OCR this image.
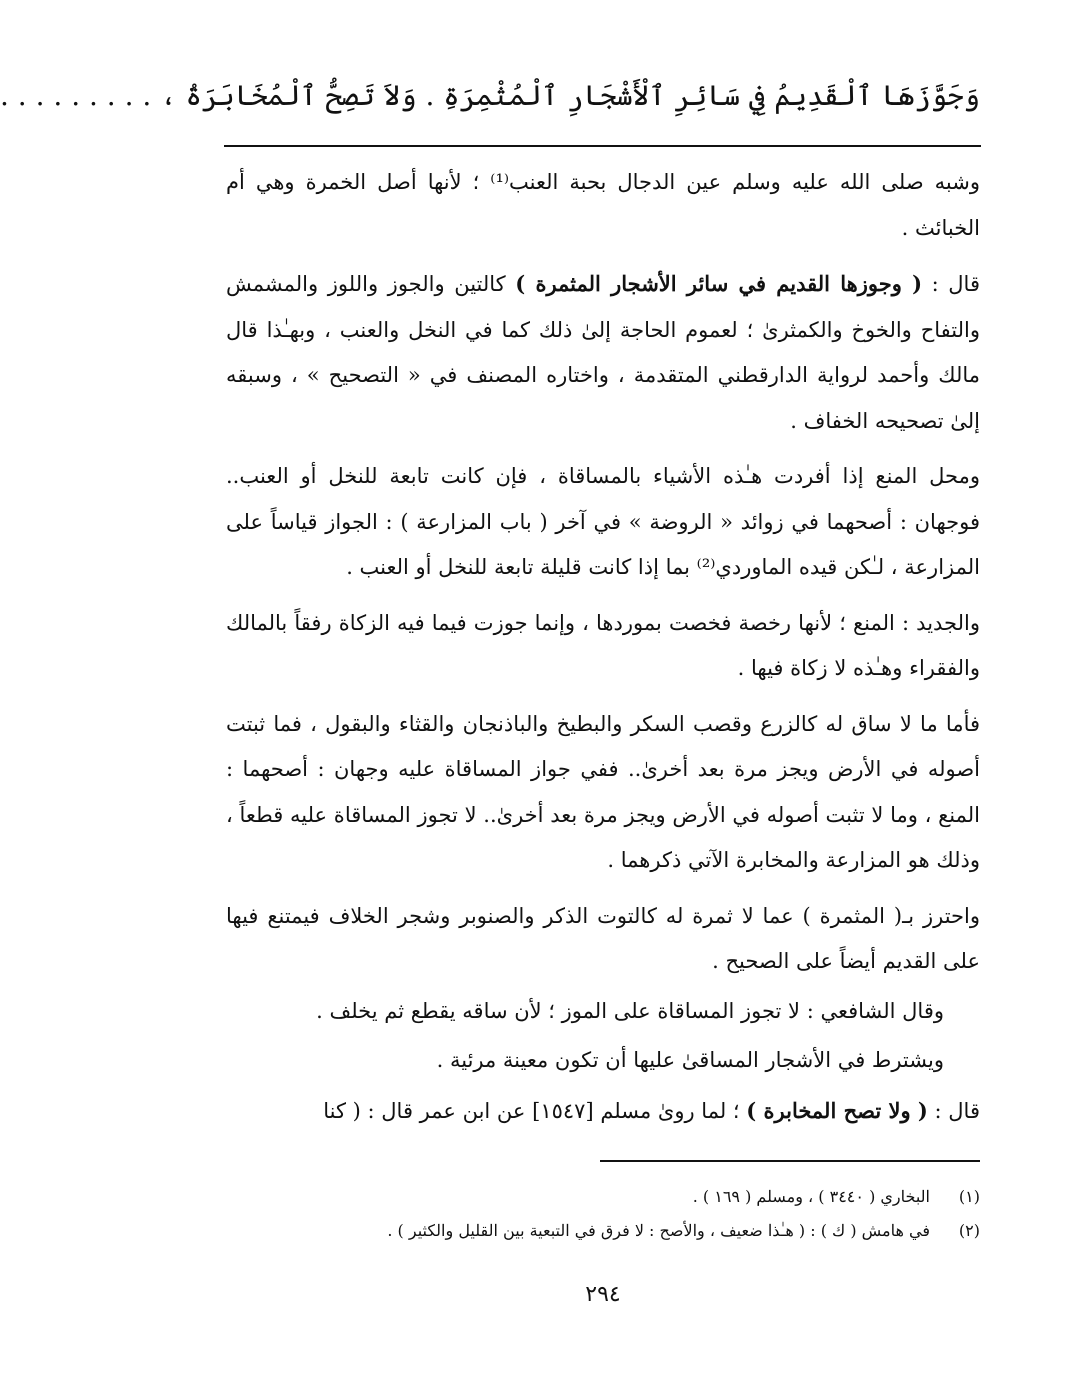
وَجَوَّزَهَا ٱلْقَدِيمُ فِي سَائِرِ ٱلْأَشْجَارِ ٱلْمُثْمِرَةِ . وَلاَ تَصِحُّ ٱلْمُخَابَرَةُ ، . . . . . . . . .

وشبه صلى الله عليه وسلم عين الدجال بحبة العنب⁽¹⁾ ؛ لأنها أصل الخمرة وهي أم الخبائث .

قال : ( وجوزها القديم في سائر الأشجار المثمرة ) كالتين والجوز واللوز والمشمش والتفاح والخوخ والكمثرىٰ ؛ لعموم الحاجة إلىٰ ذلك كما في النخل والعنب ، وبهـٰذا قال مالك وأحمد لرواية الدارقطني المتقدمة ، واختاره المصنف في « التصحيح » ، وسبقه إلىٰ تصحيحه الخفاف .

ومحل المنع إذا أفردت هـٰذه الأشياء بالمساقاة ، فإن كانت تابعة للنخل أو العنب.. فوجهان : أصحهما في زوائد « الروضة » في آخر ( باب المزارعة ) : الجواز قياساً على المزارعة ، لـٰكن قيده الماوردي⁽²⁾ بما إذا كانت قليلة تابعة للنخل أو العنب .

والجديد : المنع ؛ لأنها رخصة فخصت بموردها ، وإنما جوزت فيما فيه الزكاة رفقاً بالمالك والفقراء وهـٰذه لا زكاة فيها .

فأما ما لا ساق له كالزرع وقصب السكر والبطيخ والباذنجان والقثاء والبقول ، فما ثبتت أصوله في الأرض ويجز مرة بعد أخرىٰ.. ففي جواز المساقاة عليه وجهان : أصحهما : المنع ، وما لا تثبت أصوله في الأرض ويجز مرة بعد أخرىٰ.. لا تجوز المساقاة عليه قطعاً ، وذلك هو المزارعة والمخابرة الآتي ذكرهما .

واحترز بـ( المثمرة ) عما لا ثمرة له كالتوت الذكر والصنوبر وشجر الخلاف فيمتنع فيها على القديم أيضاً على الصحيح .

وقال الشافعي : لا تجوز المساقاة على الموز ؛ لأن ساقه يقطع ثم يخلف .

ويشترط في الأشجار المساقىٰ عليها أن تكون معينة مرئية .

قال : ( ولا تصح المخابرة ) ؛ لما روىٰ مسلم [١٥٤٧] عن ابن عمر قال : ( كنا

(١)
البخاري ( ٣٤٤٠ ) ، ومسلم ( ١٦٩ ) .
(٢)
في هامش ( ك ) : ( هـٰذا ضعيف ، والأصح : لا فرق في التبعية بين القليل والكثير ) .
٢٩٤
